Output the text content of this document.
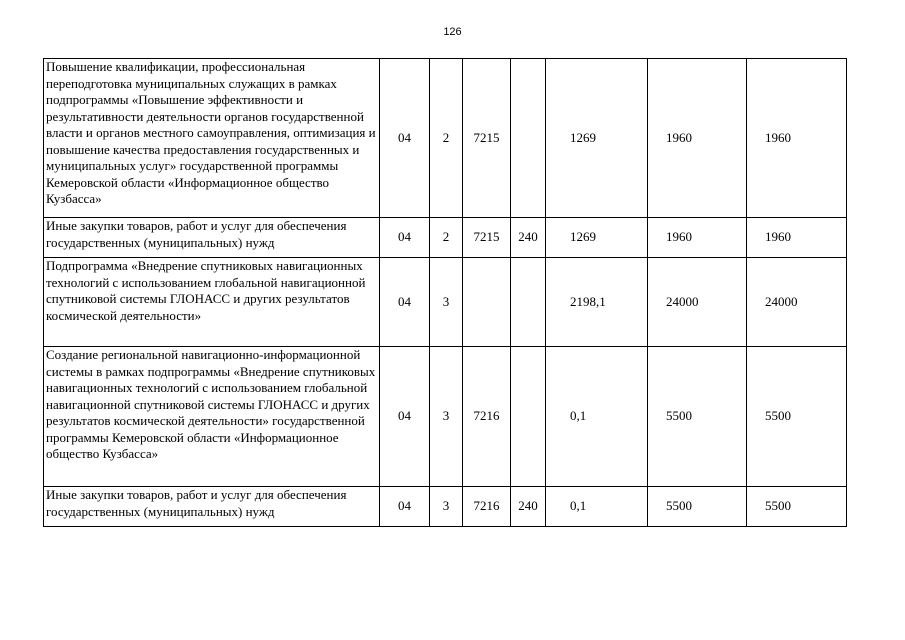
126
Повышение квалификации, профессиональная переподготовка муниципальных служащих в рамках подпрограммы «Повышение эффективности и результативности деятельности органов государственной власти и органов местного самоуправления, оптимизация и повышение качества предоставления государственных и муниципальных услуг» государственной программы Кемеровской области «Информационное общество Кузбасса»	04	2	7215		1269	1960	1960
Иные закупки товаров, работ и услуг для обеспечения государственных (муниципальных) нужд	04	2	7215	240	1269	1960	1960
Подпрограмма «Внедрение спутниковых навигационных технологий с использованием глобальной навигационной спутниковой системы ГЛОНАСС и других результатов космической деятельности»	04	3			2198,1	24000	24000
Создание региональной навигационно-информационной системы в рамках подпрограммы «Внедрение спутниковых навигационных технологий с использованием глобальной навигационной спутниковой системы ГЛОНАСС и других результатов космической деятельности» государственной программы Кемеровской области «Информационное общество Кузбасса»	04	3	7216		0,1	5500	5500
Иные закупки товаров, работ и услуг для обеспечения государственных (муниципальных) нужд	04	3	7216	240	0,1	5500	5500
